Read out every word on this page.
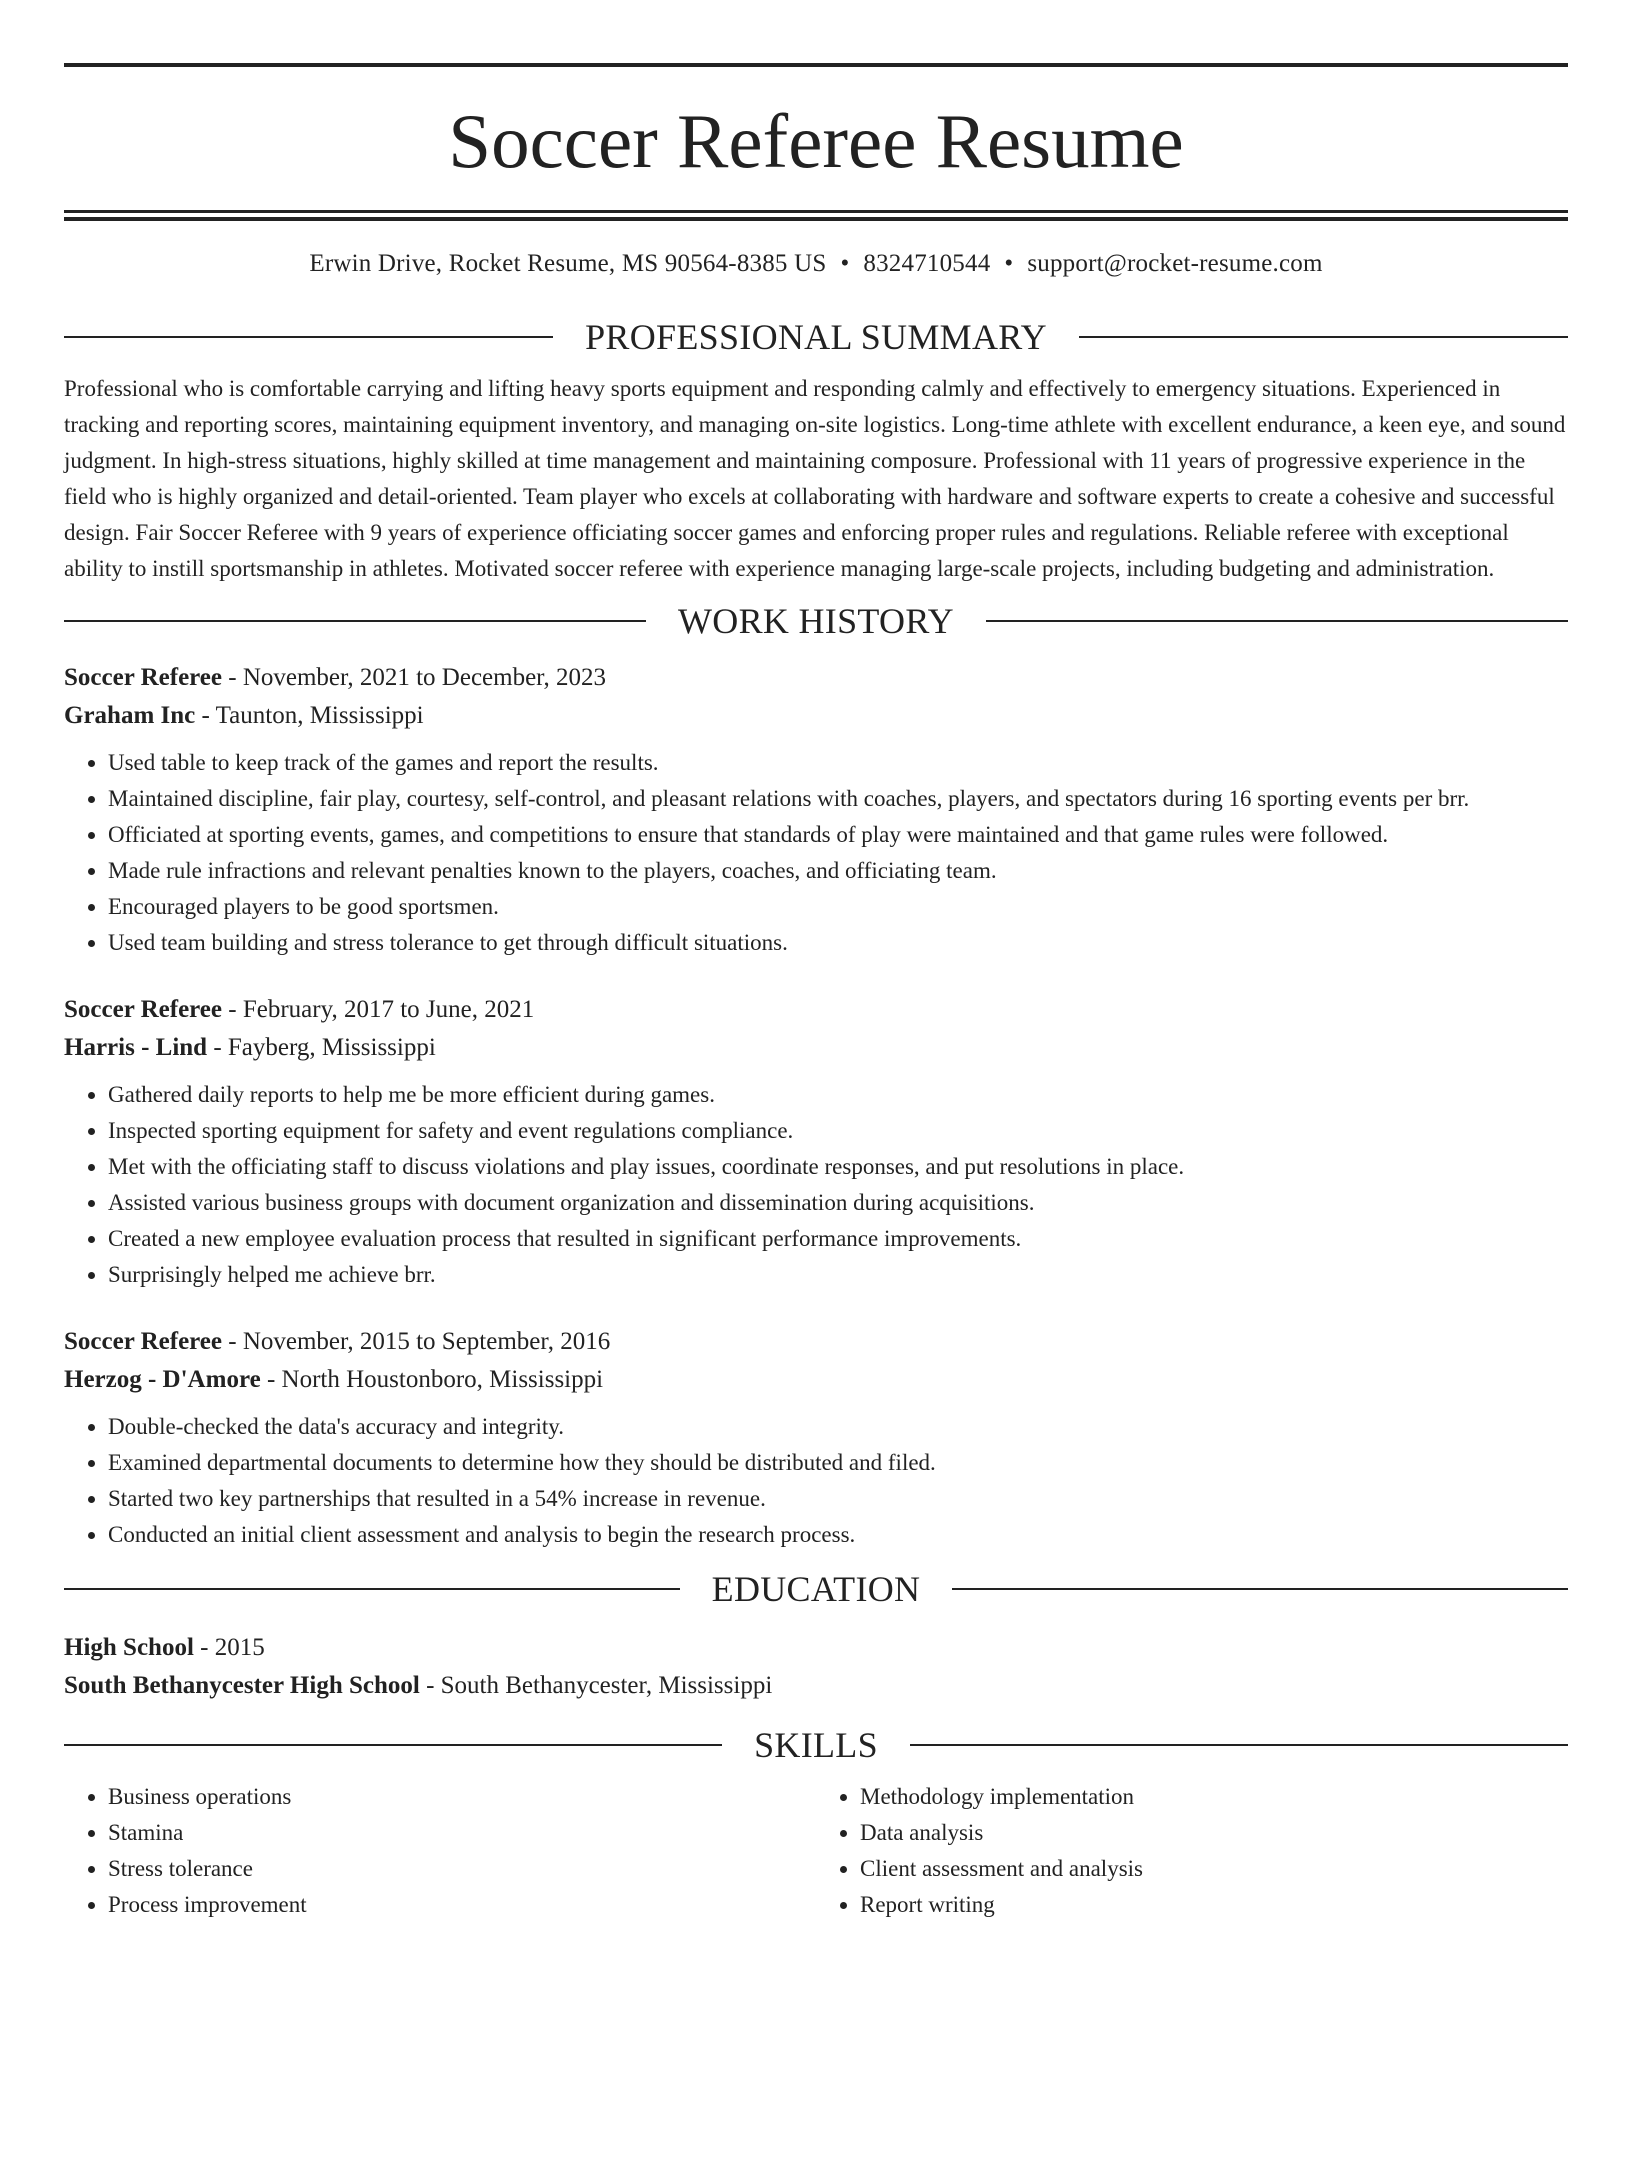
Soccer Referee Resume
Erwin Drive, Rocket Resume, MS 90564-8385 US • 8324710544 • support@rocket-resume.com
PROFESSIONAL SUMMARY
Professional who is comfortable carrying and lifting heavy sports equipment and responding calmly and effectively to emergency situations. Experienced in tracking and reporting scores, maintaining equipment inventory, and managing on-site logistics. Long-time athlete with excellent endurance, a keen eye, and sound judgment. In high-stress situations, highly skilled at time management and maintaining composure. Professional with 11 years of progressive experience in the field who is highly organized and detail-oriented. Team player who excels at collaborating with hardware and software experts to create a cohesive and successful design. Fair Soccer Referee with 9 years of experience officiating soccer games and enforcing proper rules and regulations. Reliable referee with exceptional ability to instill sportsmanship in athletes. Motivated soccer referee with experience managing large-scale projects, including budgeting and administration.
WORK HISTORY
Soccer Referee - November, 2021 to December, 2023
Graham Inc - Taunton, Mississippi
• Used table to keep track of the games and report the results.
• Maintained discipline, fair play, courtesy, self-control, and pleasant relations with coaches, players, and spectators during 16 sporting events per brr.
• Officiated at sporting events, games, and competitions to ensure that standards of play were maintained and that game rules were followed.
• Made rule infractions and relevant penalties known to the players, coaches, and officiating team.
• Encouraged players to be good sportsmen.
• Used team building and stress tolerance to get through difficult situations.
Soccer Referee - February, 2017 to June, 2021
Harris - Lind - Fayberg, Mississippi
• Gathered daily reports to help me be more efficient during games.
• Inspected sporting equipment for safety and event regulations compliance.
• Met with the officiating staff to discuss violations and play issues, coordinate responses, and put resolutions in place.
• Assisted various business groups with document organization and dissemination during acquisitions.
• Created a new employee evaluation process that resulted in significant performance improvements.
• Surprisingly helped me achieve brr.
Soccer Referee - November, 2015 to September, 2016
Herzog - D'Amore - North Houstonboro, Mississippi
• Double-checked the data's accuracy and integrity.
• Examined departmental documents to determine how they should be distributed and filed.
• Started two key partnerships that resulted in a 54% increase in revenue.
• Conducted an initial client assessment and analysis to begin the research process.
EDUCATION
High School - 2015
South Bethanycester High School - South Bethanycester, Mississippi
SKILLS
• Business operations
• Stamina
• Stress tolerance
• Process improvement
• Methodology implementation
• Data analysis
• Client assessment and analysis
• Report writing
